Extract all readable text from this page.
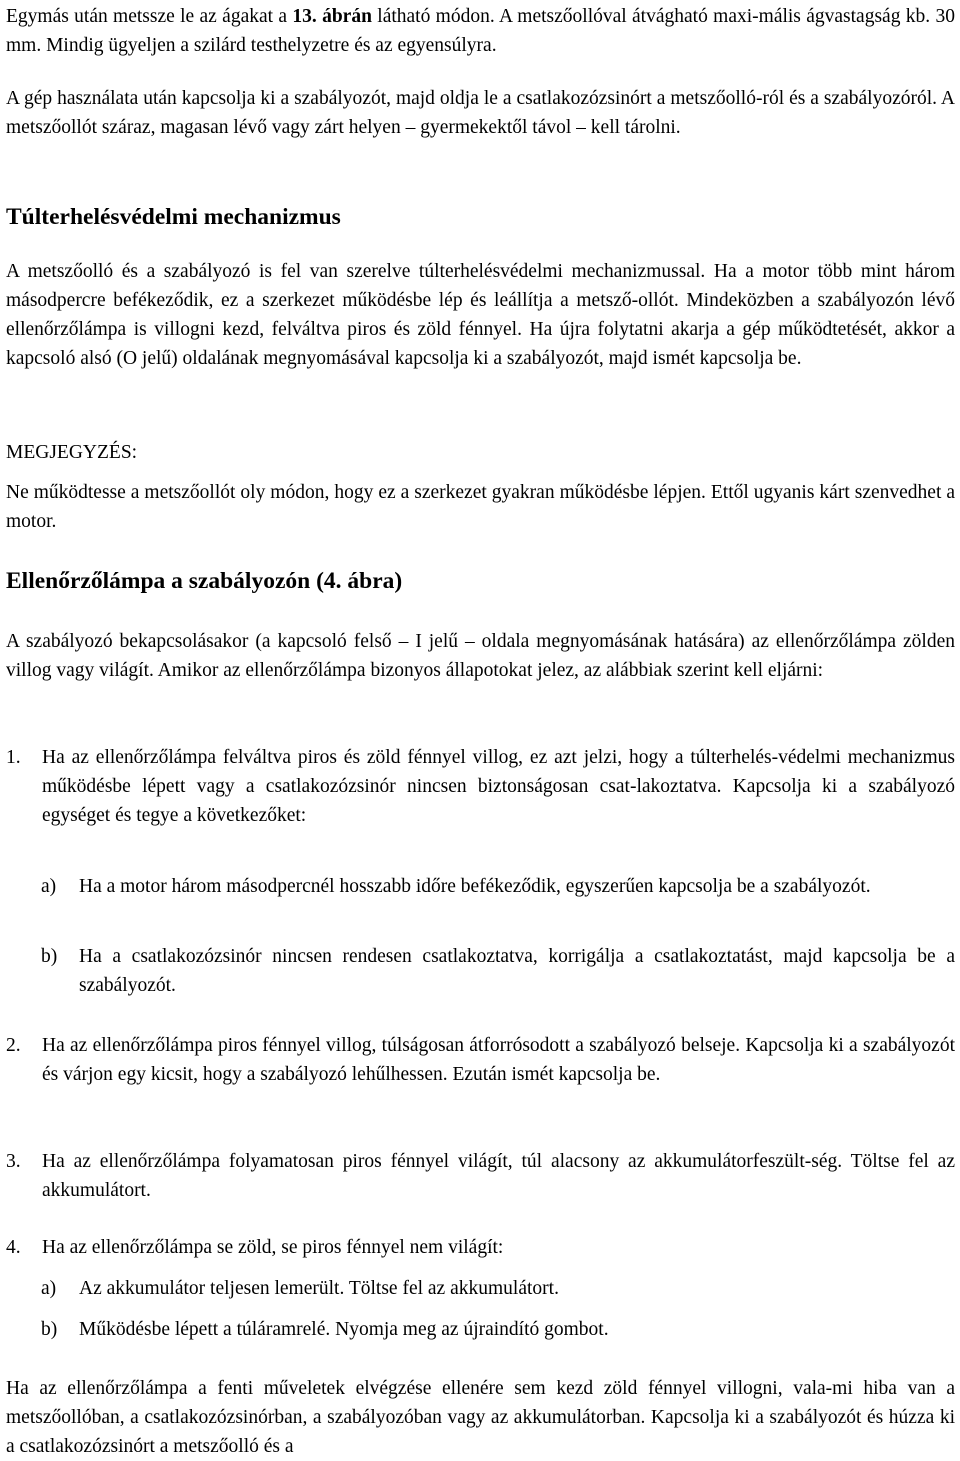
Egymás után metssze le az ágakat a 13. ábrán látható módon. A metszőollóval átvágható maxi-mális ágvastagság kb. 30 mm. Mindig ügyeljen a szilárd testhelyzetre és az egyensúlyra.

A gép használata után kapcsolja ki a szabályozót, majd oldja le a csatlakozózsinórt a metszőolló-ról és a szabályozóról. A metszőollót száraz, magasan lévő vagy zárt helyen – gyermekektől távol – kell tárolni.

Túlterhelésvédelmi mechanizmus

A metszőolló és a szabályozó is fel van szerelve túlterhelésvédelmi mechanizmussal. Ha a motor több mint három másodpercre befékeződik, ez a szerkezet működésbe lép és leállítja a metsző-ollót. Mindeközben a szabályozón lévő ellenőrzőlámpa is villogni kezd, felváltva piros és zöld fénnyel. Ha újra folytatni akarja a gép működtetését, akkor a kapcsoló alsó (O jelű) oldalának megnyomásával kapcsolja ki a szabályozót, majd ismét kapcsolja be.

MEGJEGYZÉS:

Ne működtesse a metszőollót oly módon, hogy ez a szerkezet gyakran működésbe lépjen. Ettől ugyanis kárt szenvedhet a motor.

Ellenőrzőlámpa a szabályozón (4. ábra)

A szabályozó bekapcsolásakor (a kapcsoló felső – I jelű – oldala megnyomásának hatására) az ellenőrzőlámpa zölden villog vagy világít. Amikor az ellenőrzőlámpa bizonyos állapotokat jelez, az alábbiak szerint kell eljárni:

1. Ha az ellenőrzőlámpa felváltva piros és zöld fénnyel villog, ez azt jelzi, hogy a túlterhelés-védelmi mechanizmus működésbe lépett vagy a csatlakozózsinór nincsen biztonságosan csat-lakoztatva. Kapcsolja ki a szabályozó egységet és tegye a következőket:
a) Ha a motor három másodpercnél hosszabb időre befékeződik, egyszerűen kapcsolja be a szabályozót.
b) Ha a csatlakozózsinór nincsen rendesen csatlakoztatva, korrigálja a csatlakoztatást, majd kapcsolja be a szabályozót.
2. Ha az ellenőrzőlámpa piros fénnyel villog, túlságosan átforrósodott a szabályozó belseje. Kapcsolja ki a szabályozót és várjon egy kicsit, hogy a szabályozó lehűlhessen. Ezután ismét kapcsolja be.
3. Ha az ellenőrzőlámpa folyamatosan piros fénnyel világít, túl alacsony az akkumulátorfeszült-ség. Töltse fel az akkumulátort.
4. Ha az ellenőrzőlámpa se zöld, se piros fénnyel nem világít:
a) Az akkumulátor teljesen lemerült. Töltse fel az akkumulátort.
b) Működésbe lépett a túláramrelé. Nyomja meg az újraindító gombot.

Ha az ellenőrzőlámpa a fenti műveletek elvégzése ellenére sem kezd zöld fénnyel villogni, vala-mi hiba van a metszőollóban, a csatlakozózsinórban, a szabályozóban vagy az akkumulátorban. Kapcsolja ki a szabályozót és húzza ki a csatlakozózsinórt a metszőolló és a
